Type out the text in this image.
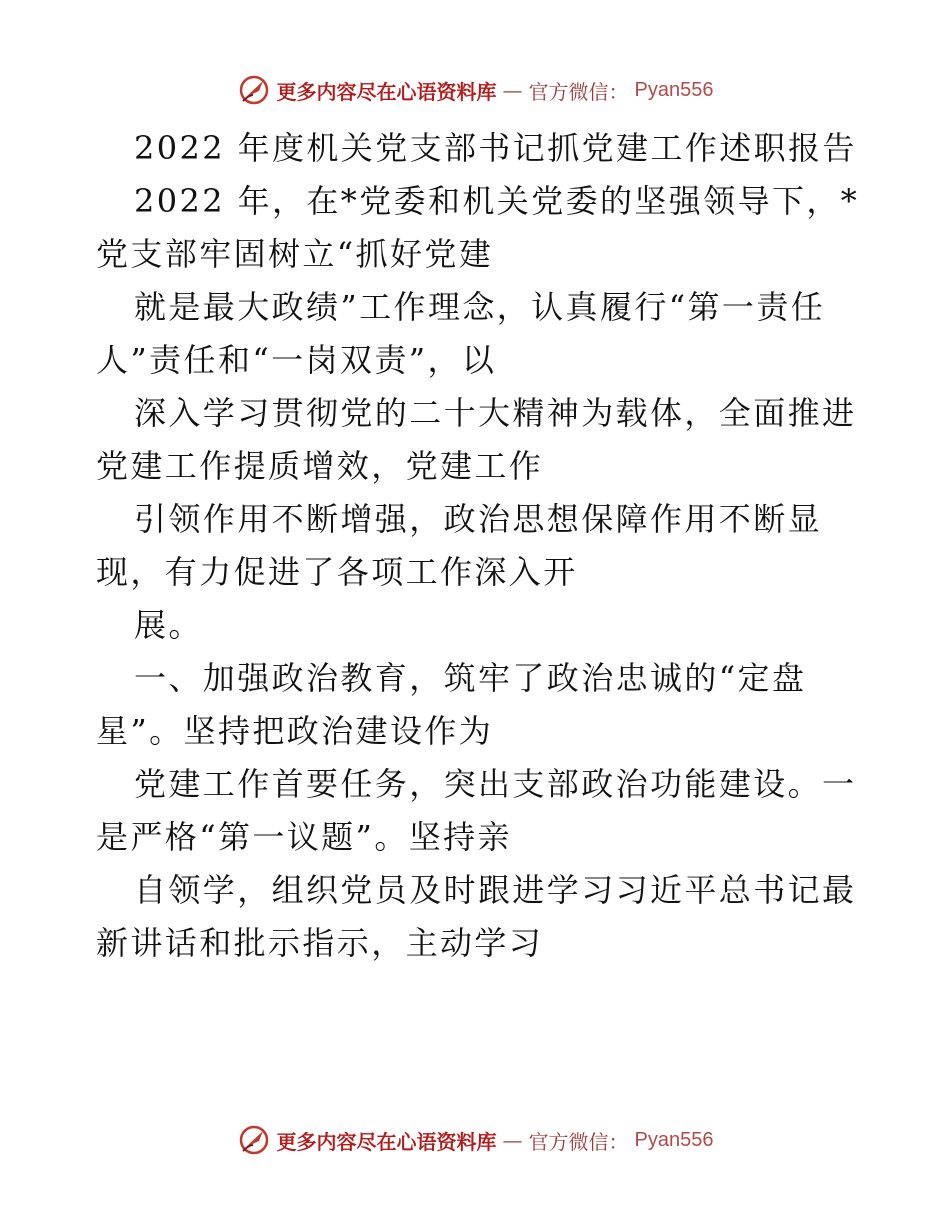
更多内容尽在心语资料库 — 官方微信： Pyan556
2022 年度机关党支部书记抓党建工作述职报告
2022 年，在*党委和机关党委的坚强领导下，*
党支部牢固树立“抓好党建
就是最大政绩”工作理念，认真履行“第一责任
人”责任和“一岗双责”，以
深入学习贯彻党的二十大精神为载体，全面推进
党建工作提质增效，党建工作
引领作用不断增强，政治思想保障作用不断显
现，有力促进了各项工作深入开
展。
一、加强政治教育，筑牢了政治忠诚的“定盘
星”。坚持把政治建设作为
党建工作首要任务，突出支部政治功能建设。一
是严格“第一议题”。坚持亲
自领学，组织党员及时跟进学习习近平总书记最
新讲话和批示指示，主动学习
更多内容尽在心语资料库 — 官方微信： Pyan556
